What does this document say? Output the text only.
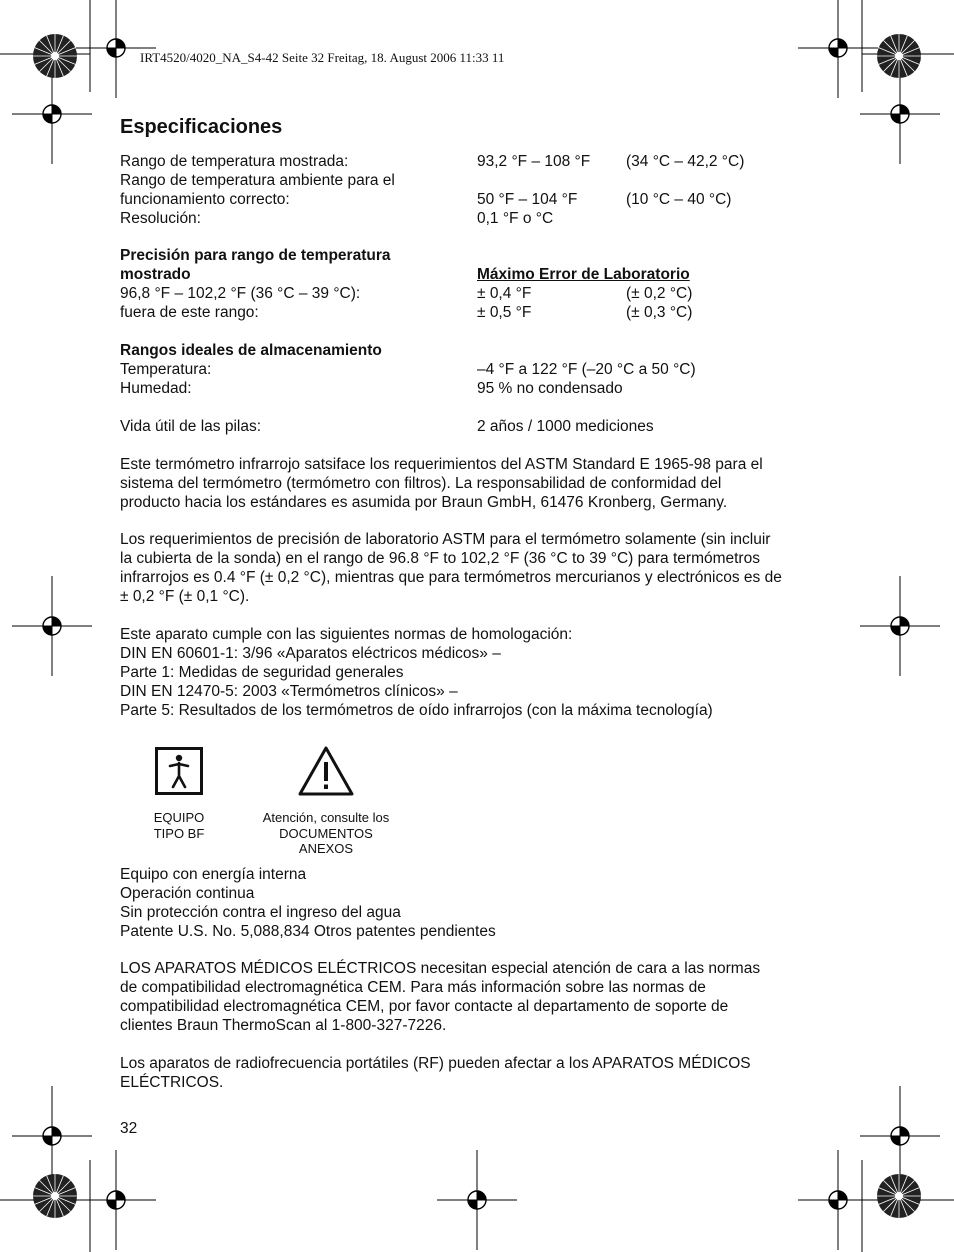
IRT4520/4020_NA_S4-42 Seite 32 Freitag, 18. August 2006 11:33 11
Especificaciones
Rango de temperatura mostrada:	93,2 °F – 108 °F (34 °C – 42,2 °C)
Rango de temperatura ambiente para el
funcionamiento correcto:	50 °F – 104 °F	(10 °C – 40 °C)
Resolución:	0,1 °F o °C
Precisión para rango de temperatura
mostrado	Máximo Error de Laboratorio
96,8 °F – 102,2 °F (36 °C – 39 °C):	± 0,4 °F	(± 0,2 °C)
fuera de este rango:	± 0,5 °F	(± 0,3 °C)
Rangos ideales de almacenamiento
Temperatura:	–4 °F a 122 °F (–20 °C a 50 °C)
Humedad:	95 % no condensado
Vida útil de las pilas:	2 años / 1000 mediciones

Este termómetro infrarrojo satsiface los requerimientos del ASTM Standard E 1965-98 para el

sistema del termómetro (termómetro con filtros). La responsabilidad de conformidad del

producto hacia los estándares es asumida por Braun GmbH, 61476 Kronberg, Germany.

Los requerimientos de precisión de laboratorio ASTM para el termómetro solamente (sin incluir

la cubierta de la sonda) en el rango de 96.8 °F to 102,2 °F (36 °C to 39 °C) para termómetros

infrarrojos es 0.4 °F (± 0,2 °C), mientras que para termómetros mercurianos y electrónicos es de

± 0,2 °F (± 0,1 °C).

Este aparato cumple con las siguientes normas de homologación:

DIN EN 60601-1: 3/96 «Aparatos eléctricos médicos» –

Parte 1: Medidas de seguridad generales

DIN EN 12470-5: 2003 «Termómetros clínicos» –

Parte 5: Resultados de los termómetros de oído infrarrojos (con la máxima tecnología)

EQUIPO
TIPO BF
Atención, consulte los
DOCUMENTOS
ANEXOS

Equipo con energía interna

Operación continua

Sin protección contra el ingreso del agua

Patente U.S. No. 5,088,834 Otros patentes pendientes

LOS APARATOS MÉDICOS ELÉCTRICOS necesitan especial atención de cara a las normas

de compatibilidad electromagnética CEM. Para más información sobre las normas de

compatibilidad electromagnética CEM, por favor contacte al departamento de soporte de

clientes Braun ThermoScan al 1-800-327-7226.

Los aparatos de radiofrecuencia portátiles (RF) pueden afectar a los APARATOS MÉDICOS

ELÉCTRICOS.

32
